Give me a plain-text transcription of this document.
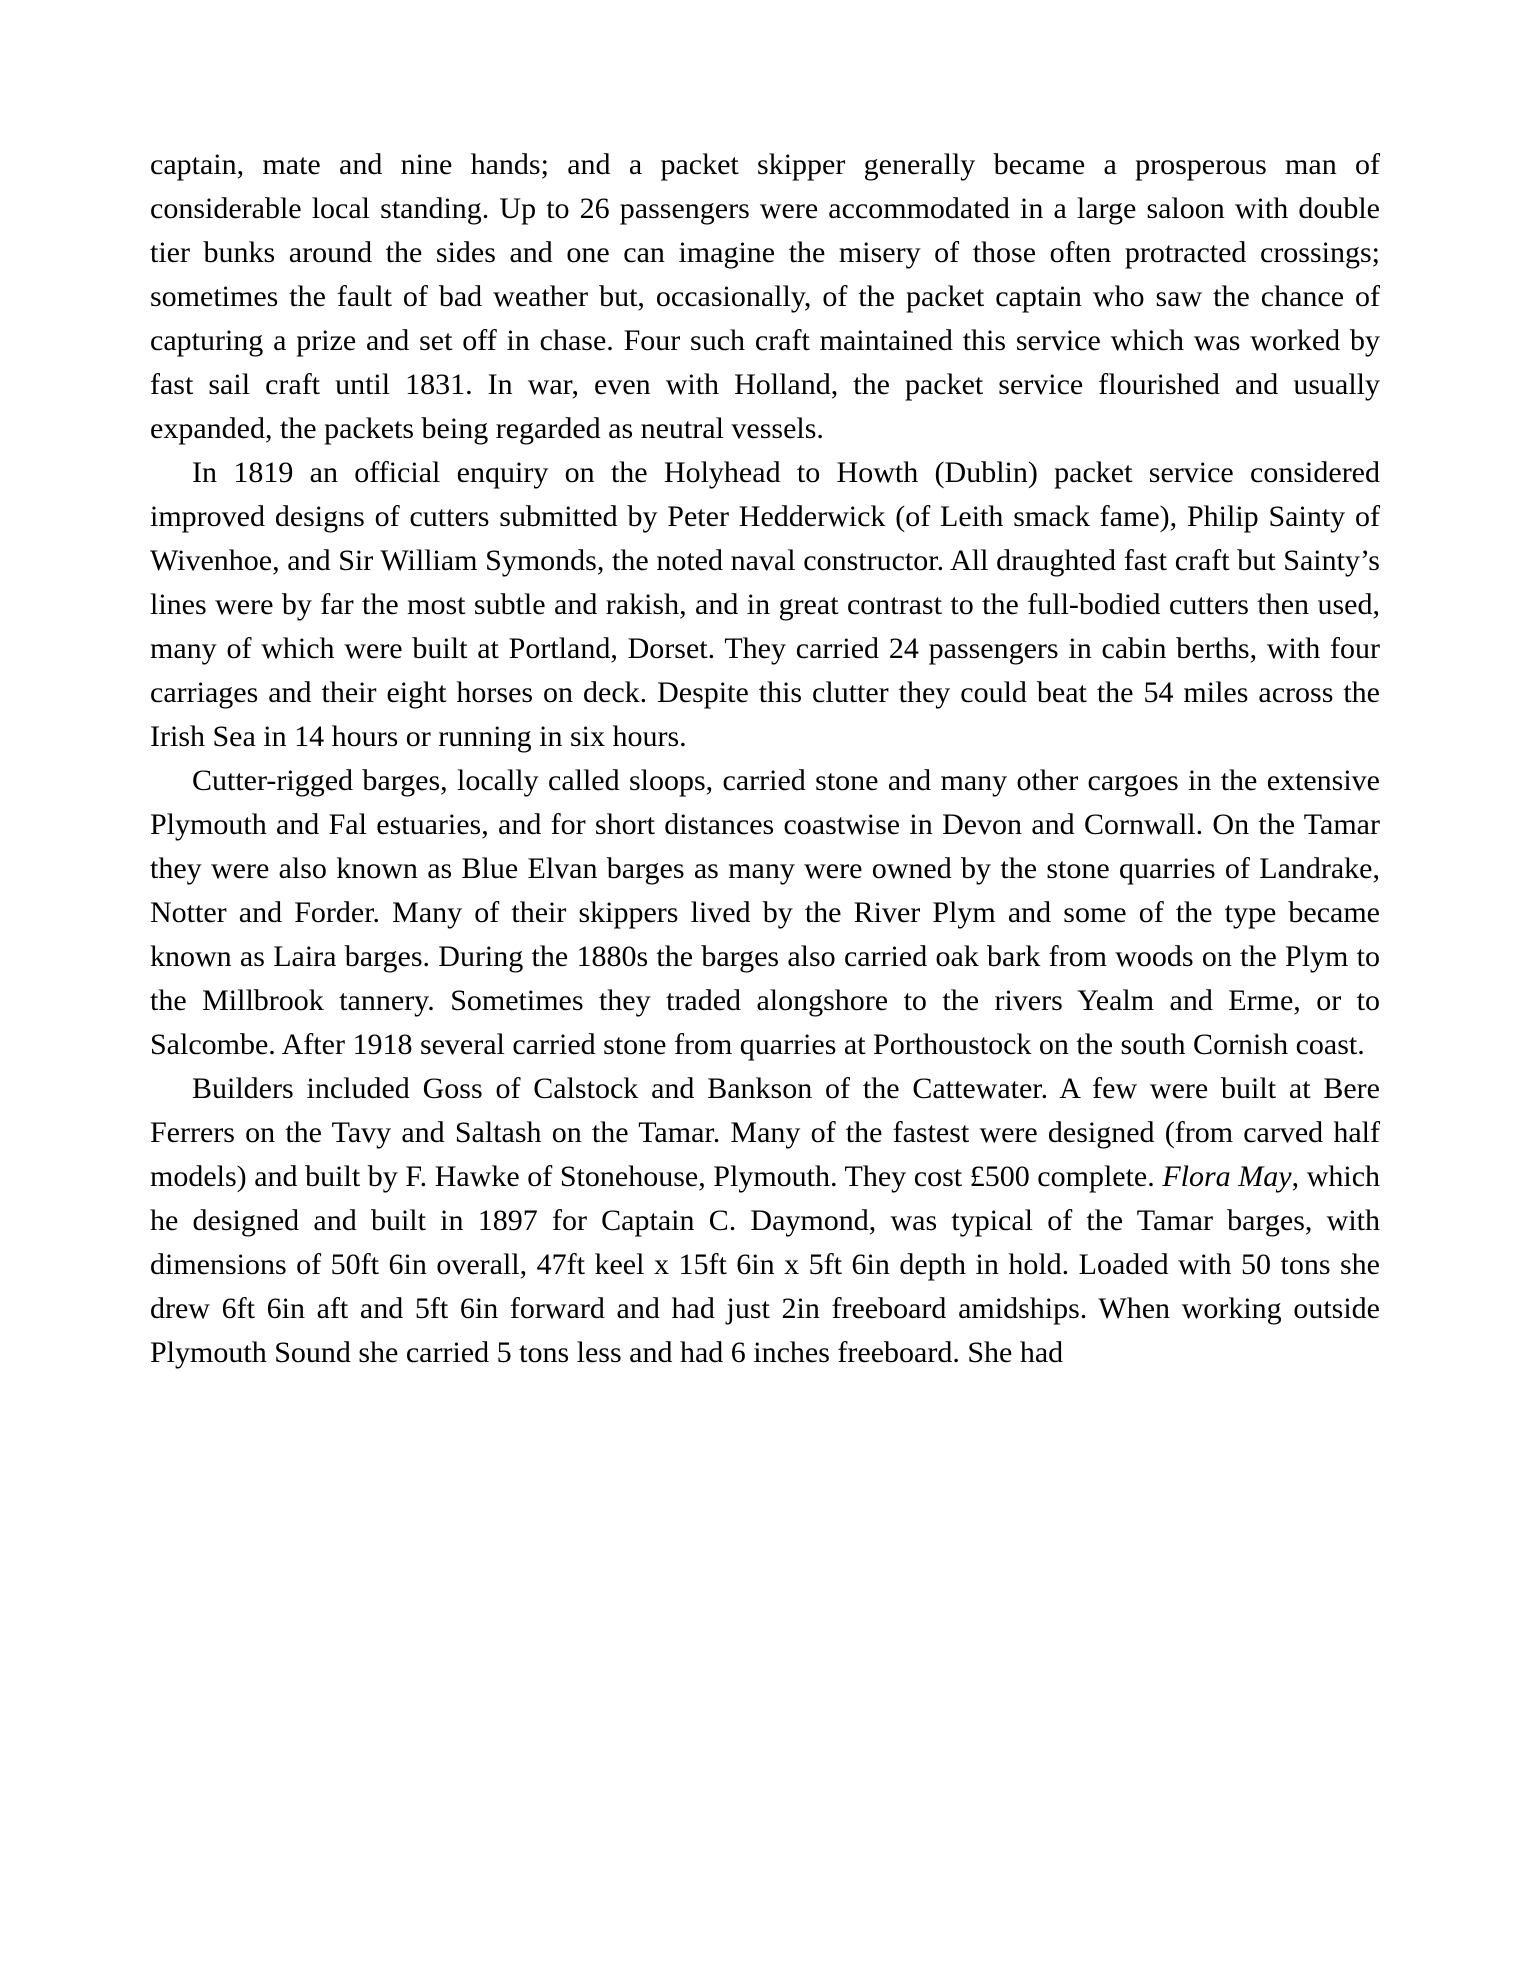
captain, mate and nine hands; and a packet skipper generally became a prosperous man of considerable local standing. Up to 26 passengers were accommodated in a large saloon with double tier bunks around the sides and one can imagine the misery of those often protracted crossings; sometimes the fault of bad weather but, occasionally, of the packet captain who saw the chance of capturing a prize and set off in chase. Four such craft maintained this service which was worked by fast sail craft until 1831. In war, even with Holland, the packet service flourished and usually expanded, the packets being regarded as neutral vessels.

In 1819 an official enquiry on the Holyhead to Howth (Dublin) packet service considered improved designs of cutters submitted by Peter Hedderwick (of Leith smack fame), Philip Sainty of Wivenhoe, and Sir William Symonds, the noted naval constructor. All draughted fast craft but Sainty’s lines were by far the most subtle and rakish, and in great contrast to the full-bodied cutters then used, many of which were built at Portland, Dorset. They carried 24 passengers in cabin berths, with four carriages and their eight horses on deck. Despite this clutter they could beat the 54 miles across the Irish Sea in 14 hours or running in six hours.

Cutter-rigged barges, locally called sloops, carried stone and many other cargoes in the extensive Plymouth and Fal estuaries, and for short distances coastwise in Devon and Cornwall. On the Tamar they were also known as Blue Elvan barges as many were owned by the stone quarries of Landrake, Notter and Forder. Many of their skippers lived by the River Plym and some of the type became known as Laira barges. During the 1880s the barges also carried oak bark from woods on the Plym to the Millbrook tannery. Sometimes they traded alongshore to the rivers Yealm and Erme, or to Salcombe. After 1918 several carried stone from quarries at Porthoustock on the south Cornish coast.

Builders included Goss of Calstock and Bankson of the Cattewater. A few were built at Bere Ferrers on the Tavy and Saltash on the Tamar. Many of the fastest were designed (from carved half models) and built by F. Hawke of Stonehouse, Plymouth. They cost £500 complete. Flora May, which he designed and built in 1897 for Captain C. Daymond, was typical of the Tamar barges, with dimensions of 50ft 6in overall, 47ft keel x 15ft 6in x 5ft 6in depth in hold. Loaded with 50 tons she drew 6ft 6in aft and 5ft 6in forward and had just 2in freeboard amidships. When working outside Plymouth Sound she carried 5 tons less and had 6 inches freeboard. She had
